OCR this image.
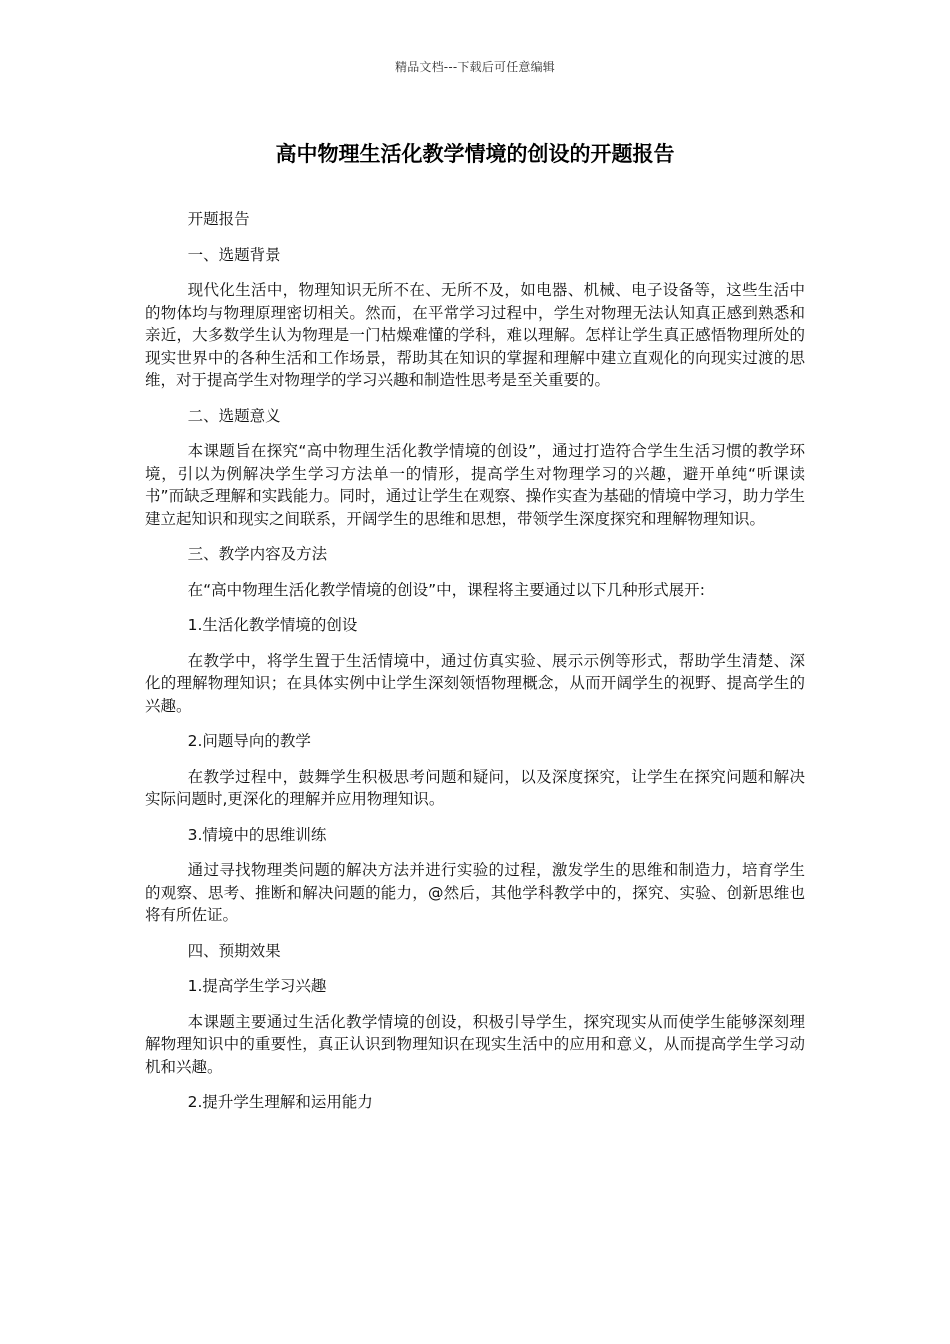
精品文档---下载后可任意编辑
高中物理生活化教学情境的创设的开题报告

开题报告

一、选题背景

现代化生活中，物理知识无所不在、无所不及，如电器、机械、电子设备等，这些生活中的物体均与物理原理密切相关。然而，在平常学习过程中，学生对物理无法认知真正感到熟悉和亲近，大多数学生认为物理是一门枯燥难懂的学科，难以理解。怎样让学生真正感悟物理所处的现实世界中的各种生活和工作场景，帮助其在知识的掌握和理解中建立直观化的向现实过渡的思维，对于提高学生对物理学的学习兴趣和制造性思考是至关重要的。

二、选题意义

本课题旨在探究“高中物理生活化教学情境的创设”，通过打造符合学生生活习惯的教学环境，引以为例解决学生学习方法单一的情形，提高学生对物理学习的兴趣，避开单纯“听课读书”而缺乏理解和实践能力。同时，通过让学生在观察、操作实查为基础的情境中学习，助力学生建立起知识和现实之间联系，开阔学生的思维和思想，带领学生深度探究和理解物理知识。

三、教学内容及方法

在“高中物理生活化教学情境的创设”中，课程将主要通过以下几种形式展开:

1.生活化教学情境的创设

在教学中，将学生置于生活情境中，通过仿真实验、展示示例等形式，帮助学生清楚、深化的理解物理知识；在具体实例中让学生深刻领悟物理概念，从而开阔学生的视野、提高学生的兴趣。

2.问题导向的教学

在教学过程中，鼓舞学生积极思考问题和疑问，以及深度探究，让学生在探究问题和解决实际问题时,更深化的理解并应用物理知识。

3.情境中的思维训练

通过寻找物理类问题的解决方法并进行实验的过程，激发学生的思维和制造力，培育学生的观察、思考、推断和解决问题的能力，@然后，其他学科教学中的，探究、实验、创新思维也将有所佐证。

四、预期效果

1.提高学生学习兴趣

本课题主要通过生活化教学情境的创设，积极引导学生，探究现实从而使学生能够深刻理解物理知识中的重要性，真正认识到物理知识在现实生活中的应用和意义，从而提高学生学习动机和兴趣。

2.提升学生理解和运用能力
